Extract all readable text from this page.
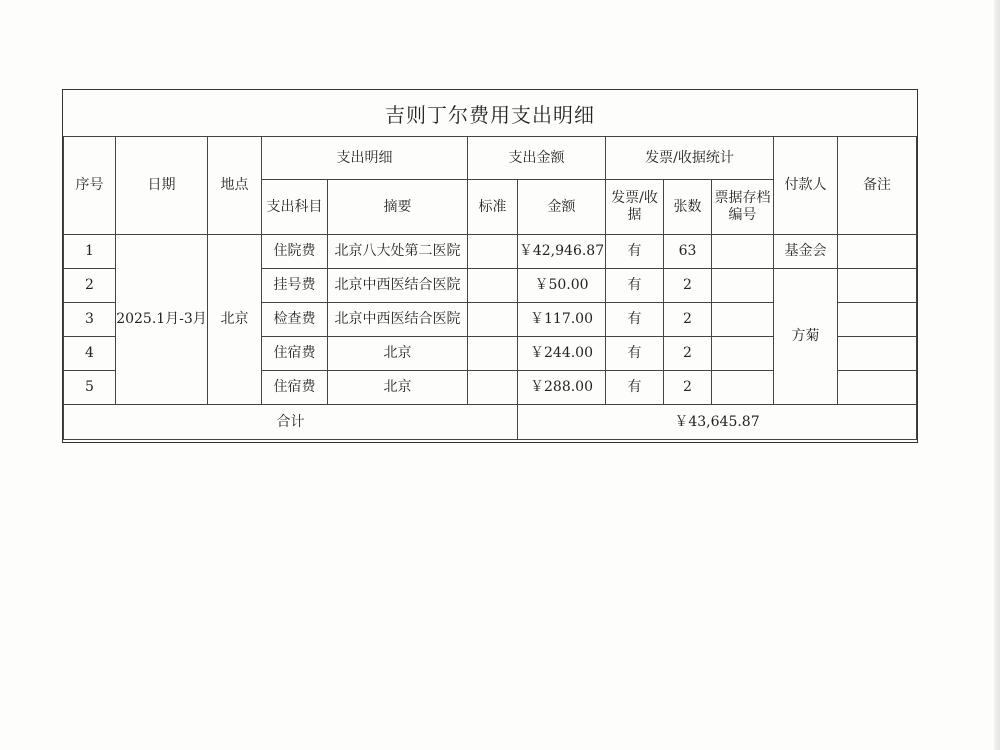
吉则丁尔费用支出明细
序号	日期	地点	支出明细		支出金额		发票/收据统计			付款人	备注
			支出科目	摘要	标准	金额	发票/收据	张数	票据存档编号		
1	2025.1月-3月	北京	住院费	北京八大处第二医院		￥42,946.87	有	63		基金会	
2			挂号费	北京中西医结合医院		￥50.00	有	2		方菊	
3			检查费	北京中西医结合医院		￥117.00	有	2			
4			住宿费	北京		￥244.00	有	2			
5			住宿费	北京		￥288.00	有	2			
合计						￥43,645.87					
